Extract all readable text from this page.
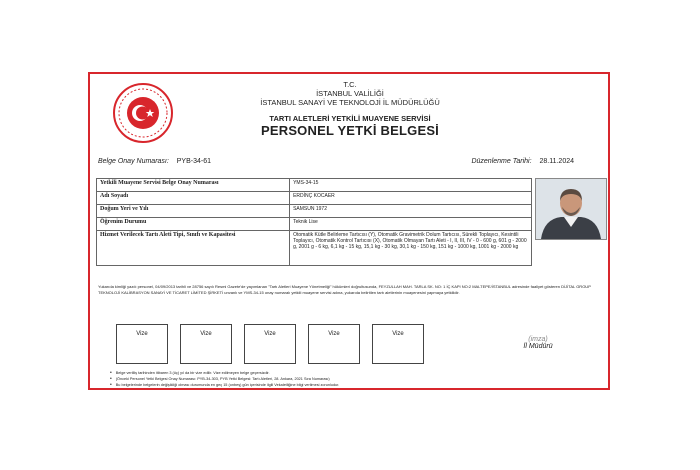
T.C.
İSTANBUL VALİLİĞİ
İSTANBUL SANAYİ VE TEKNOLOJİ İL MÜDÜRLÜĞÜ
TARTI ALETLERİ YETKİLİ MUAYENE SERVİSİ
PERSONEL YETKİ BELGESİ
Belge Onay Numarası: PYB-34-61	Düzenlenme Tarihi: 28.11.2024
Yetkili Muayene Servisi Belge Onay Numarası	YMS-34-15
Adı Soyadı	ERDİNÇ KOCAER
Doğum Yeri ve Yılı	SAMSUN 1972
Öğrenim Durumu	Teknik Lise
Hizmet Verilecek Tartı Aleti Tipi, Sınıfı ve Kapasitesi	Otomatik Kütle Belirleme Tartıcısı (Y), Otomatik Gravimetrik Dolum Tartıcısı, Sürekli Toplayıcı, Kesintili Toplayıcı, Otomatik Kontrol Tartıcısı (X), Otomatik Olmayan Tartı Aleti - I, II, III, IV - 0 - 600 g, 601 g - 2000 g, 2001 g - 6 kg, 6,1 kg - 15 kg, 15,1 kg - 30 kg, 30,1 kg - 150 kg, 151 kg - 1000 kg, 1001 kg - 2000 kg
Yukarıda kimliği yazılı personel, 04/09/2013 tarihli ve 28756 sayılı Resmi Gazete'de yayımlanan "Tartı Aletleri Muayene Yönetmeliği" hükümleri doğrultusunda, FEYZULLAH MAH. TARLA SK. NO: 1 İÇ KAPI NO:2 MALTEPE/İSTANBUL adresinde faaliyet gösteren DİJİTAL GROUP TEKNOLOJİ KALİBRASYON SANAYİ VE TİCARET LİMİTED ŞİRKETİ unvanlı ve YMS-34-15 onay numaralı yetkili muayene servisi adına, yukarıda belirtilen tartı aletlerinin muayenesini yapmaya yetkilidir.
Vize	Vize	Vize	Vize	Vize
(imza)
İl Müdürü
• Belge verilliş tarihinden itibaren 3 (üç) yıl da bir vize edilir. Vize edilmeyen belge geçersizdir.
• (Önceki Personel Yetki Belgesi Onay Numarası: PYB-34-303, PYB Yetki Belgesi: Tartı Aletleri, 28. Ankara, 2021 Sıra Numarası)
• Bu belgelerinde belgelerin değişikliği olması durumunda en geç 15 (onbeş) gün içerisinde ilgili Vekaletliğine bilgi verilmesi zorunludur.
